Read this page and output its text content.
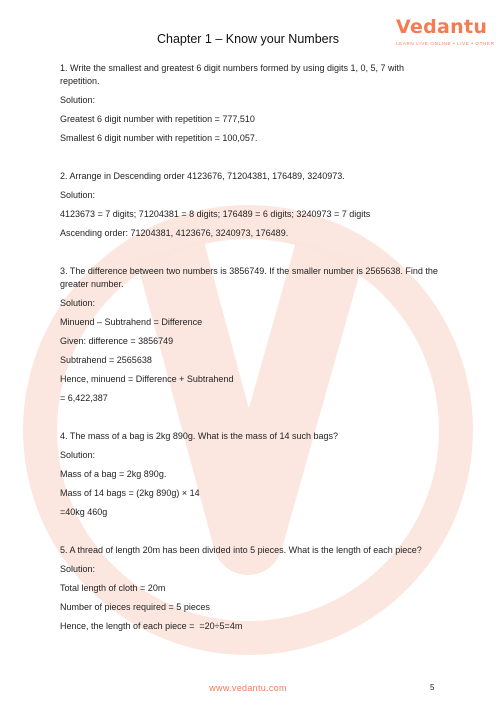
Vedantu
LEARN LIVE ONLINE • LIVE • OTHER
Chapter 1 – Know your Numbers
1. Write the smallest and greatest 6 digit numbers formed by using digits 1, 0, 5, 7 with repetition.
Solution:
Greatest 6 digit number with repetition = 777,510
Smallest 6 digit number with repetition = 100,057.
2. Arrange in Descending order 4123676, 71204381, 176489, 3240973.
Solution:
4123673 = 7 digits; 71204381 = 8 digits; 176489 = 6 digits; 3240973 = 7 digits
Ascending order: 71204381, 4123676, 3240973, 176489.
3. The difference between two numbers is 3856749. If the smaller number is 2565638. Find the greater number.
Solution:
Minuend – Subtrahend = Difference
Given: difference = 3856749
Subtrahend = 2565638
Hence, minuend = Difference + Subtrahend
= 6,422,387
4. The mass of a bag is 2kg 890g. What is the mass of 14 such bags?
Solution:
Mass of a bag = 2kg 890g.
Mass of 14 bags = (2kg 890g) × 14
=40kg 460g
5. A thread of length 20m has been divided into 5 pieces. What is the length of each piece?
Solution:
Total length of cloth = 20m
Number of pieces required = 5 pieces
Hence, the length of each piece =  =20÷5=4m
www.vedantu.com	5
